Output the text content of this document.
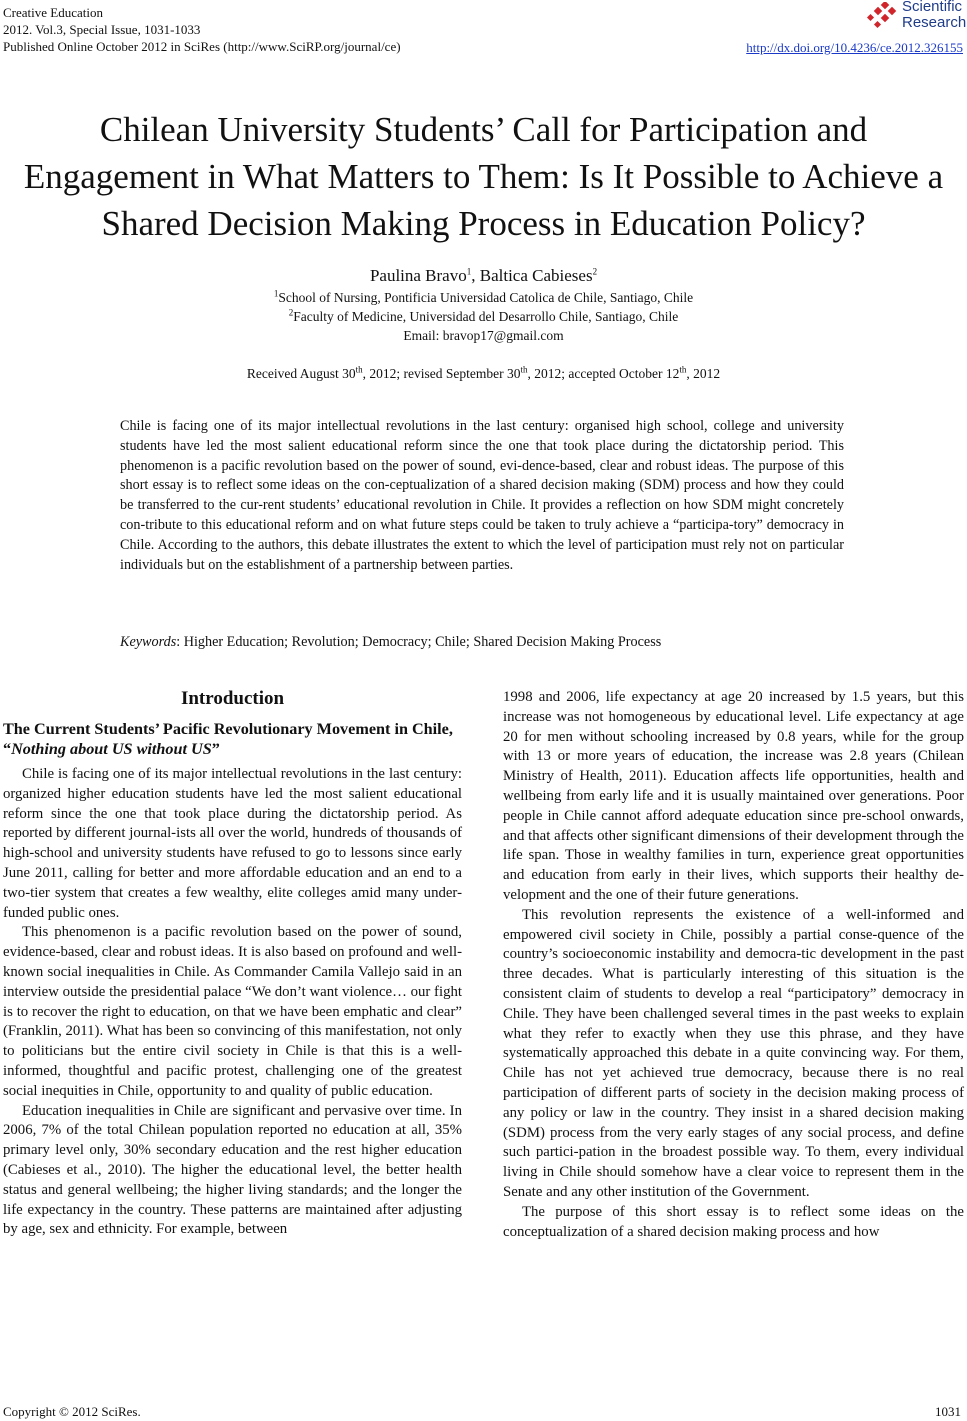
Creative Education
2012. Vol.3, Special Issue, 1031-1033
Published Online October 2012 in SciRes (http://www.SciRP.org/journal/ce)	http://dx.doi.org/10.4236/ce.2012.326155
Scientific
Research
Chilean University Students’ Call for Participation and
Engagement in What Matters to Them: Is It Possible to Achieve a
Shared Decision Making Process in Education Policy?
Paulina Bravo$^1$, Baltica Cabieses$^2$
$^1$School of Nursing, Pontificia Universidad Catolica de Chile, Santiago, Chile
$^2$Faculty of Medicine, Universidad del Desarrollo Chile, Santiago, Chile
Email: bravop17@gmail.com
Received August 30th, 2012; revised September 30th, 2012; accepted October 12th, 2012
Chile is facing one of its major intellectual revolutions in the last century: organised high school, college and university students have led the most salient educational reform since the one that took place during the dictatorship period. This phenomenon is a pacific revolution based on the power of sound, evi-dence-based, clear and robust ideas. The purpose of this short essay is to reflect some ideas on the con-ceptualization of a shared decision making (SDM) process and how they could be transferred to the cur-rent students’ educational revolution in Chile. It provides a reflection on how SDM might concretely con-tribute to this educational reform and on what future steps could be taken to truly achieve a “participa-tory” democracy in Chile. According to the authors, this debate illustrates the extent to which the level of participation must rely not on particular individuals but on the establishment of a partnership between parties.
Keywords: Higher Education; Revolution; Democracy; Chile; Shared Decision Making Process
Introduction
The Current Students’ Pacific Revolutionary Movement in Chile, “Nothing about US without US”

Chile is facing one of its major intellectual revolutions in the last century: organized higher education students have led the most salient educational reform since the one that took place during the dictatorship period. As reported by different journal-ists all over the world, hundreds of thousands of high-school and university students have refused to go to lessons since early June 2011, calling for better and more affordable education and an end to a two-tier system that creates a few wealthy, elite colleges amid many under-funded public ones.

This phenomenon is a pacific revolution based on the power of sound, evidence-based, clear and robust ideas. It is also based on profound and well-known social inequalities in Chile. As Commander Camila Vallejo said in an interview outside the presidential palace “We don’t want violence… our fight is to recover the right to education, on that we have been emphatic and clear” (Franklin, 2011). What has been so convincing of this manifestation, not only to politicians but the entire civil society in Chile is that this is a well-informed, thoughtful and pacific protest, challenging one of the greatest social inequities in Chile, opportunity to and quality of public education.

Education inequalities in Chile are significant and pervasive over time. In 2006, 7% of the total Chilean population reported no education at all, 35% primary level only, 30% secondary education and the rest higher education (Cabieses et al., 2010). The higher the educational level, the better health status and general wellbeing; the higher living standards; and the longer the life expectancy in the country. These patterns are maintained after adjusting by age, sex and ethnicity. For example, between

1998 and 2006, life expectancy at age 20 increased by 1.5 years, but this increase was not homogeneous by educational level. Life expectancy at age 20 for men without schooling increased by 0.8 years, while for the group with 13 or more years of education, the increase was 2.8 years (Chilean Ministry of Health, 2011). Education affects life opportunities, health and wellbeing from early life and it is usually maintained over generations. Poor people in Chile cannot afford adequate education since pre-school onwards, and that affects other significant dimensions of their development through the life span. Those in wealthy families in turn, experience great opportunities and education from early in their lives, which supports their healthy de-velopment and the one of their future generations.

This revolution represents the existence of a well-informed and empowered civil society in Chile, possibly a partial conse-quence of the country’s socioeconomic instability and democra-tic development in the past three decades. What is particularly interesting of this situation is the consistent claim of students to develop a real “participatory” democracy in Chile. They have been challenged several times in the past weeks to explain what they refer to exactly when they use this phrase, and they have systematically approached this debate in a quite convincing way. For them, Chile has not yet achieved true democracy, because there is no real participation of different parts of society in the decision making process of any policy or law in the country. They insist in a shared decision making (SDM) process from the very early stages of any social process, and define such partici-pation in the broadest possible way. To them, every individual living in Chile should somehow have a clear voice to represent them in the Senate and any other institution of the Government.

The purpose of this short essay is to reflect some ideas on the conceptualization of a shared decision making process and how

Copyright © 2012 SciRes.	1031
